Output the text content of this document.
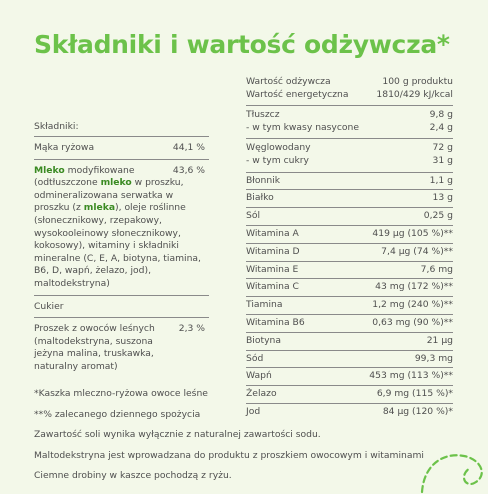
Składniki i wartość odżywcza*
Składniki:
Mąka ryżowa	44,1 %
Mleko modyfikowane	43,6 %
(odtłuszczone mleko w proszku, odmineralizowana serwatka w proszku (z mleka), oleje roślinne (słonecznikowy, rzepakowy, wysokooleinowy słonecznikowy, kokosowy), witaminy i składniki mineralne (C, E, A, biotyna, tiamina, B6, D, wapń, żelazo, jod), maltodekstryna)
Cukier
Proszek z owoców leśnych	2,3 %
(maltodekstryna, suszona jeżyna malina, truskawka, naturalny aromat)
Wartość odżywcza	100 g produktu
Wartość energetyczna	1810/429 kJ/kcal
Tłuszcz	9,8 g
- w tym kwasy nasycone	2,4 g
Węglowodany	72 g
- w tym cukry	31 g
Błonnik	1,1 g
Białko	13 g
Sól	0,25 g
Witamina A	419 µg (105 %)**
Witamina D	7,4 µg (74 %)**
Witamina E	7,6 mg
Witamina C	43 mg (172 %)**
Tiamina	1,2 mg (240 %)**
Witamina B6	0,63 mg (90 %)**
Biotyna	21 µg
Sód	99,3 mg
Wapń	453 mg (113 %)**
Żelazo	6,9 mg (115 %)*
Jod	84 µg (120 %)*
*Kaszka mleczno-ryżowa owoce leśne
**% zalecanego dziennego spożycia
Zawartość soli wynika wyłącznie z naturalnej zawartości sodu.
Maltodekstryna jest wprowadzana do produktu z proszkiem owocowym i witaminami
Ciemne drobiny w kaszce pochodzą z ryżu.
